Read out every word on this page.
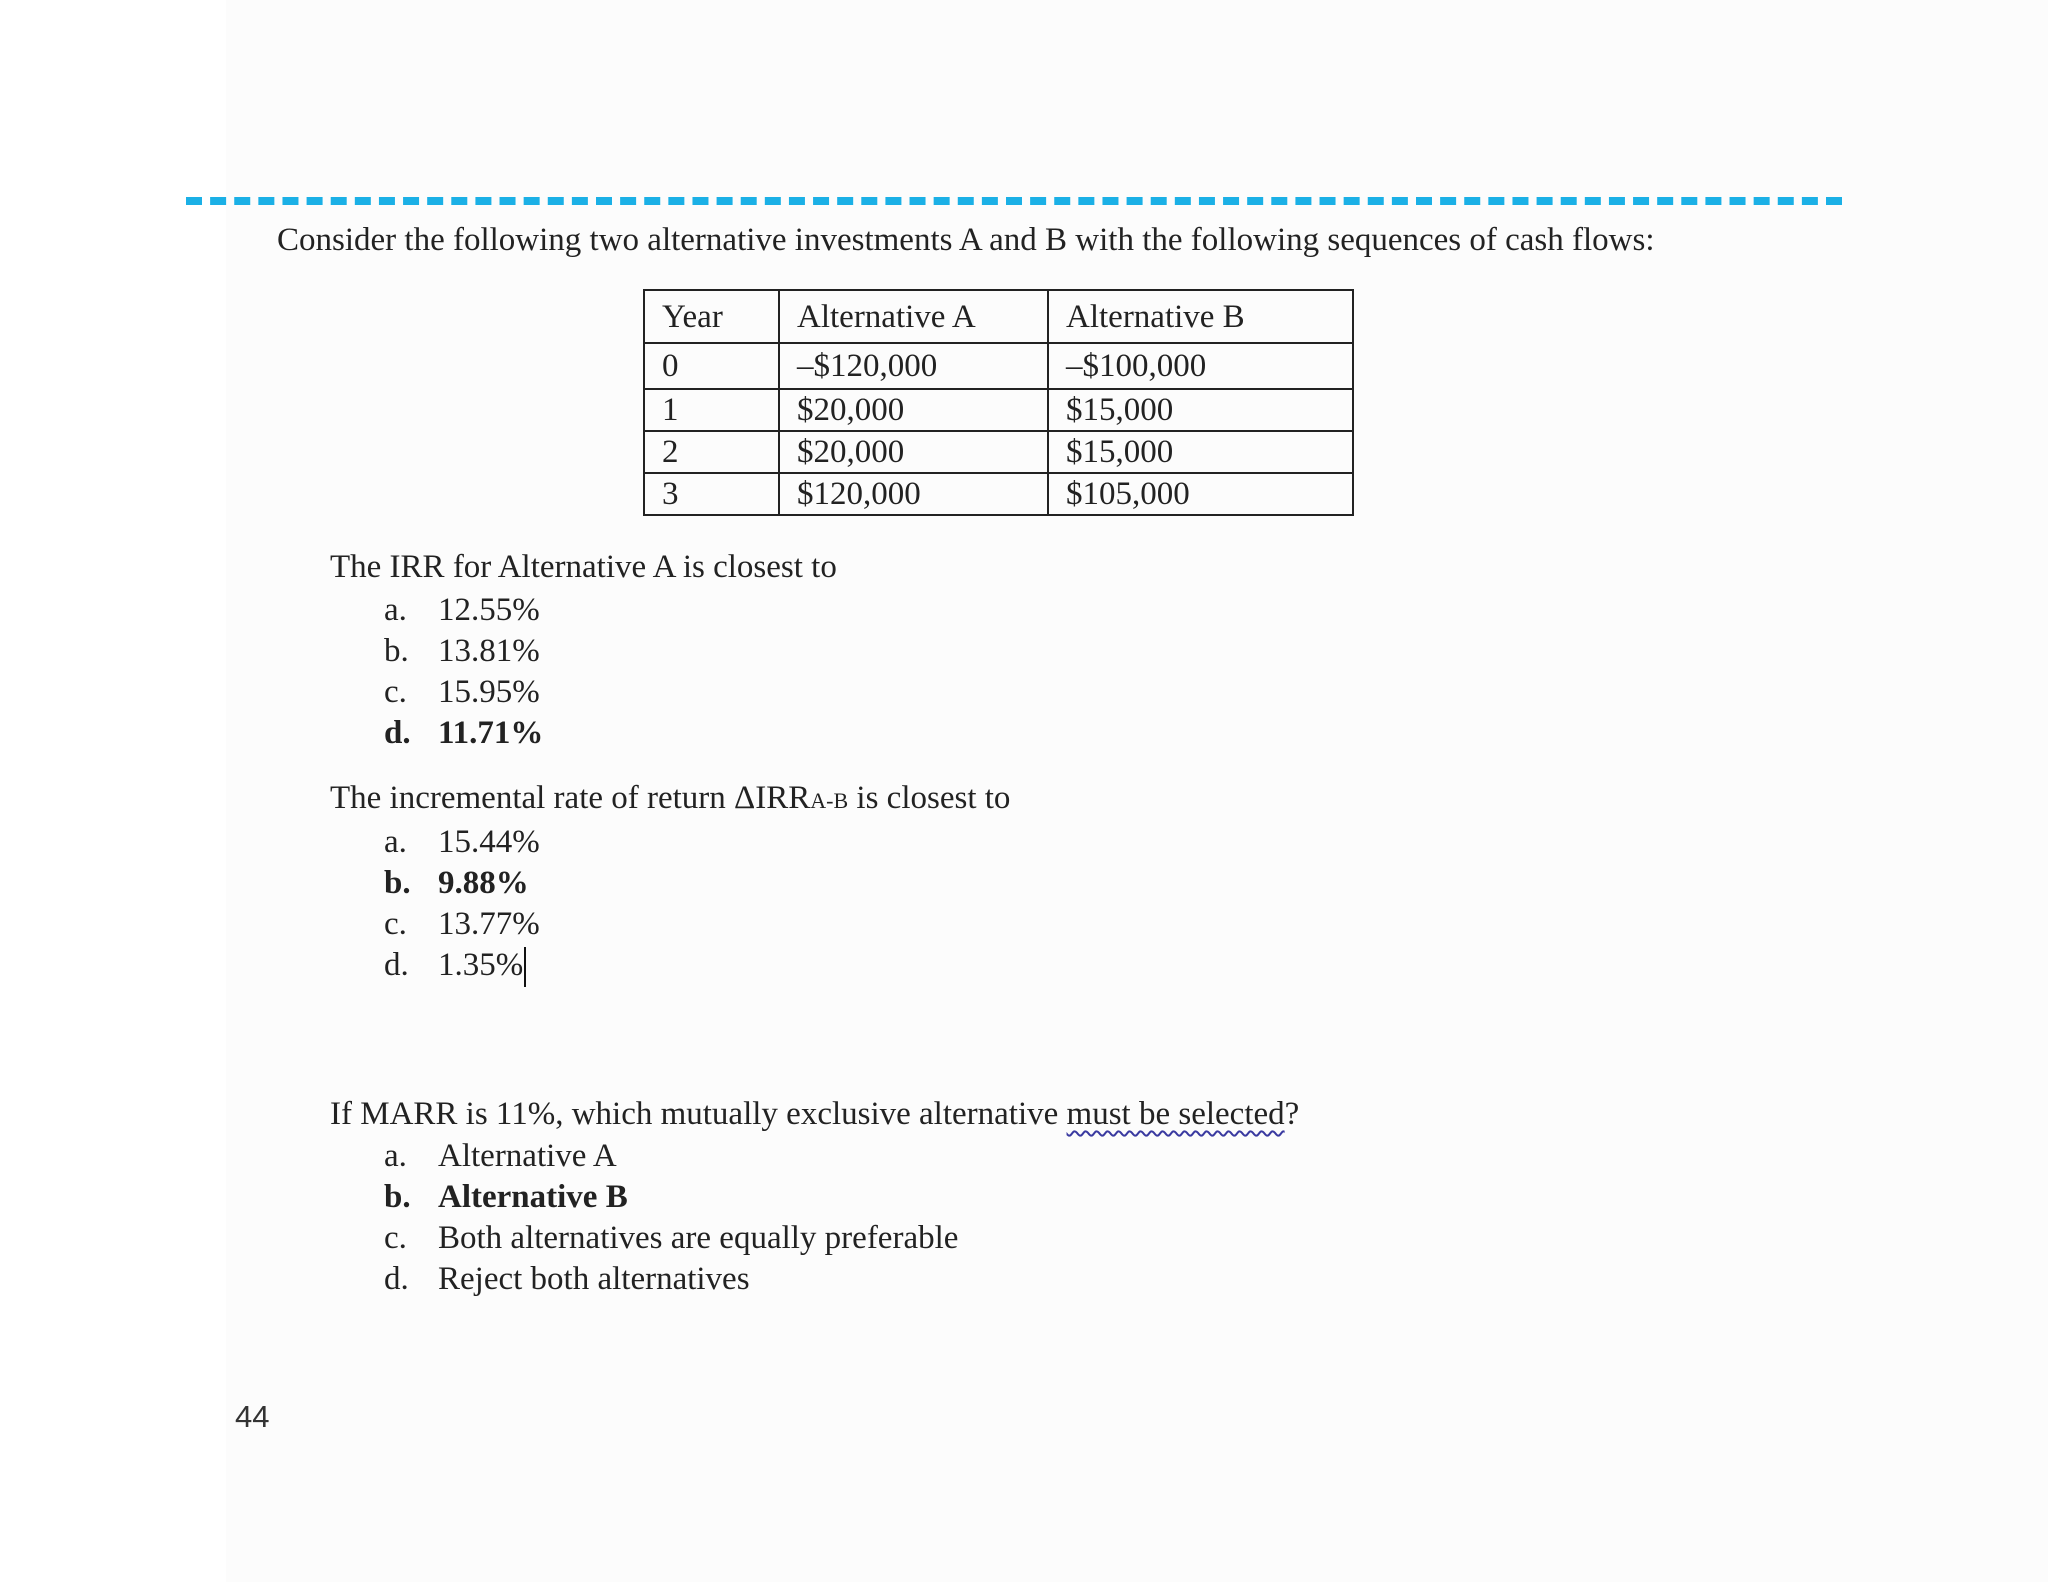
Consider the following two alternative investments A and B with the following sequences of cash flows:
Year	Alternative A	Alternative B
0	–$120,000	–$100,000
1	$20,000	$15,000
2	$20,000	$15,000
3	$120,000	$105,000
The IRR for Alternative A is closest to
a. 12.55%
b. 13.81%
c. 15.95%
d. 11.71%
The incremental rate of return ΔIRRA-B is closest to
a. 15.44%
b. 9.88%
c. 13.77%
d. 1.35%
If MARR is 11%, which mutually exclusive alternative must be selected?
a. Alternative A
b. Alternative B
c. Both alternatives are equally preferable
d. Reject both alternatives
44
